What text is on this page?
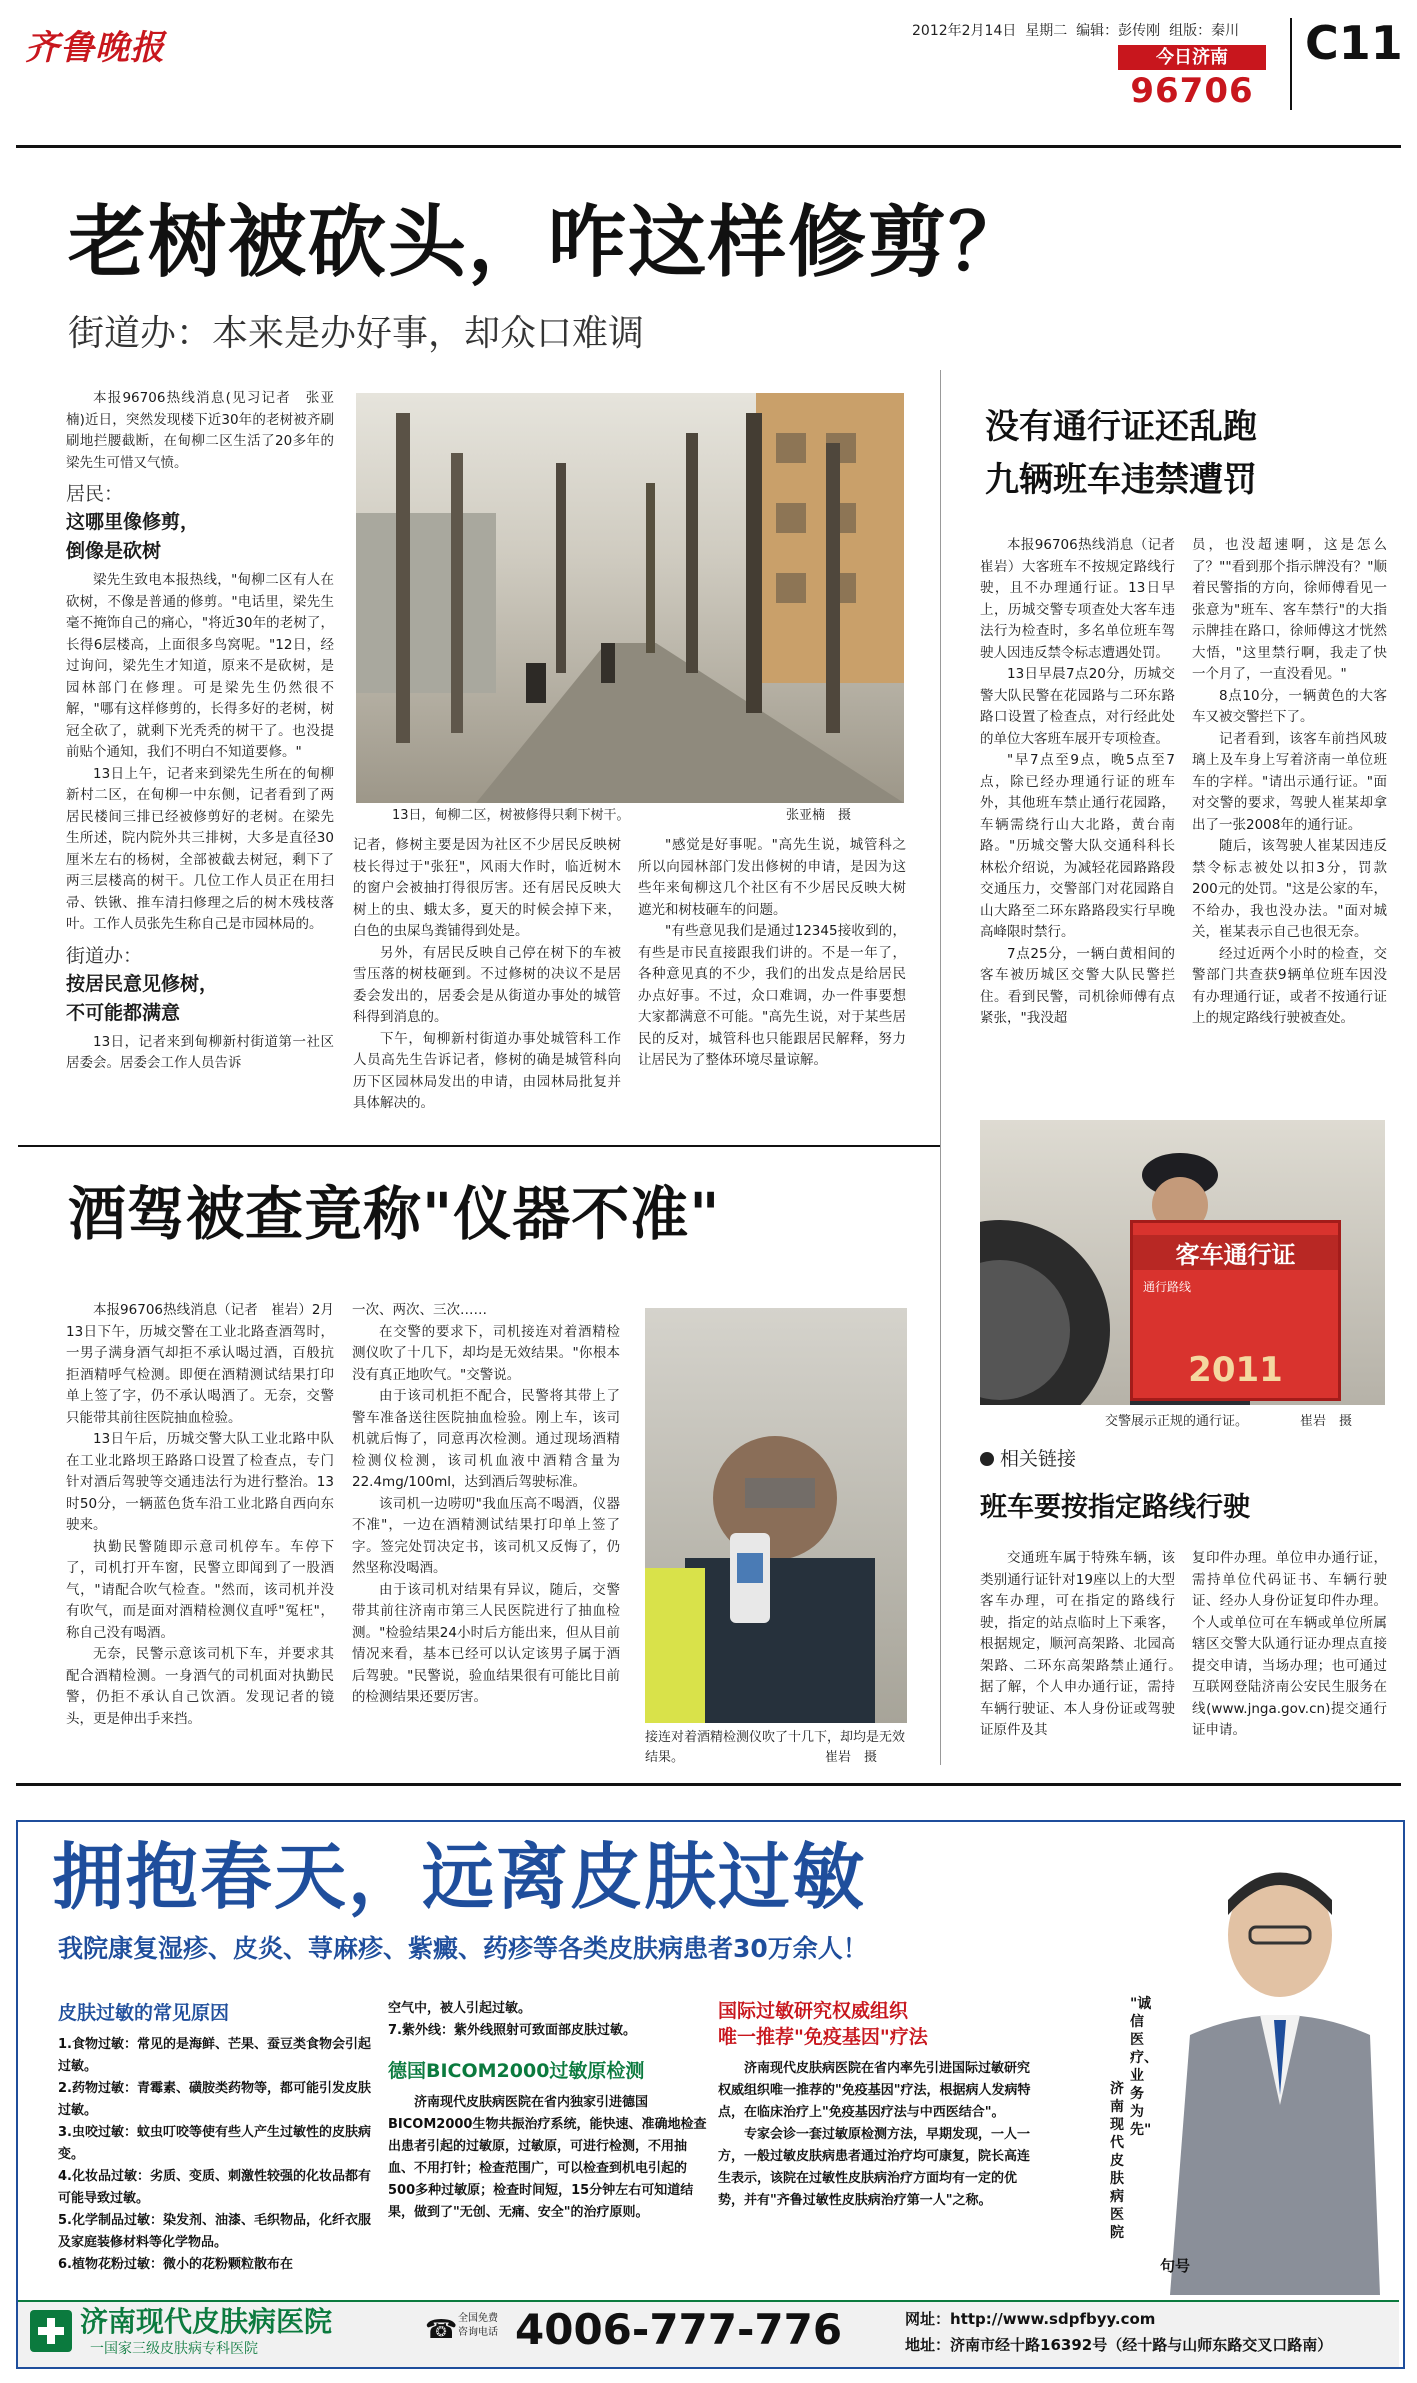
齐鲁晚报	2012年2月14日 星期二 编辑：彭传刚 组版：秦川
今日济南
96706
C11
老树被砍头，咋这样修剪？
街道办：本来是办好事，却众口难调

本报96706热线消息(见习记者　张亚楠)近日，突然发现楼下近30年的老树被齐刷刷地拦腰截断，在甸柳二区生活了20多年的梁先生可惜又气愤。

居民：
这哪里像修剪，
倒像是砍树

梁先生致电本报热线，"甸柳二区有人在砍树，不像是普通的修剪。"电话里，梁先生毫不掩饰自己的痛心，"将近30年的老树了，长得6层楼高，上面很多鸟窝呢。"12日，经过询问，梁先生才知道，原来不是砍树，是园林部门在修理。可是梁先生仍然很不解，"哪有这样修剪的，长得多好的老树，树冠全砍了，就剩下光秃秃的树干了。也没提前贴个通知，我们不明白不知道要修。"

13日上午，记者来到梁先生所在的甸柳新村二区，在甸柳一中东侧，记者看到了两居民楼间三排已经被修剪好的老树。在梁先生所述，院内院外共三排树，大多是直径30厘米左右的杨树，全部被截去树冠，剩下了两三层楼高的树干。几位工作人员正在用扫帚、铁锹、推车清扫修理之后的树木残枝落叶。工作人员张先生称自己是市园林局的。

街道办：
按居民意见修树，
不可能都满意

13日，记者来到甸柳新村街道第一社区居委会。居委会工作人员告诉

13日，甸柳二区，树被修得只剩下树干。	张亚楠　摄

记者，修树主要是因为社区不少居民反映树枝长得过于"张狂"，风雨大作时，临近树木的窗户会被抽打得很厉害。还有居民反映大树上的虫、蛾太多，夏天的时候会掉下来，白色的虫屎鸟粪铺得到处是。

另外，有居民反映自己停在树下的车被雪压落的树枝砸到。不过修树的决议不是居委会发出的，居委会是从街道办事处的城管科得到消息的。

下午，甸柳新村街道办事处城管科工作人员高先生告诉记者，修树的确是城管科向历下区园林局发出的申请，由园林局批复并具体解决的。

"感觉是好事呢。"高先生说，城管科之所以向园林部门发出修树的申请，是因为这些年来甸柳这几个社区有不少居民反映大树遮光和树枝砸车的问题。

"有些意见我们是通过12345接收到的，有些是市民直接跟我们讲的。不是一年了，各种意见真的不少，我们的出发点是给居民办点好事。不过，众口难调，办一件事要想大家都满意不可能。"高先生说，对于某些居民的反对，城管科也只能跟居民解释，努力让居民为了整体环境尽量谅解。

没有通行证还乱跑
九辆班车违禁遭罚

本报96706热线消息（记者　崔岩）大客班车不按规定路线行驶，且不办理通行证。13日早上，历城交警专项查处大客车违法行为检查时，多名单位班车驾驶人因违反禁令标志遭遇处罚。

13日早晨7点20分，历城交警大队民警在花园路与二环东路路口设置了检查点，对行经此处的单位大客班车展开专项检查。

"早7点至9点，晚5点至7点，除已经办理通行证的班车外，其他班车禁止通行花园路，车辆需绕行山大北路，黄台南路。"历城交警大队交通科科长林松介绍说，为减轻花园路路段交通压力，交警部门对花园路自山大路至二环东路路段实行早晚高峰限时禁行。

7点25分，一辆白黄相间的客车被历城区交警大队民警拦住。看到民警，司机徐师傅有点紧张，"我没超

员，也没超速啊，这是怎么了？""看到那个指示牌没有？"顺着民警指的方向，徐师傅看见一张意为"班车、客车禁行"的大指示牌挂在路口，徐师傅这才恍然大悟，"这里禁行啊，我走了快一个月了，一直没看见。"

8点10分，一辆黄色的大客车又被交警拦下了。

记者看到，该客车前挡风玻璃上及车身上写着济南一单位班车的字样。"请出示通行证。"面对交警的要求，驾驶人崔某却拿出了一张2008年的通行证。

随后，该驾驶人崔某因违反禁令标志被处以扣3分，罚款200元的处罚。"这是公家的车，不给办，我也没办法。"面对城关，崔某表示自己也很无奈。

经过近两个小时的检查，交警部门共查获9辆单位班车因没有办理通行证，或者不按通行证上的规定路线行驶被查处。

客车通行证
通行路线
2011
交警展示正规的通行证。	崔岩　摄
相关链接
班车要按指定路线行驶
交通班车属于特殊车辆，该类别通行证针对19座以上的大型客车办理，可在指定的路线行驶，指定的站点临时上下乘客，根据规定，顺河高架路、北园高架路、二环东高架路禁止通行。　据了解，个人申办通行证，需持车辆行驶证、本人身份证或驾驶证原件及其
复印件办理。单位申办通行证，需持单位代码证书、车辆行驶证、经办人身份证复印件办理。个人或单位可在车辆或单位所属辖区交警大队通行证办理点直接提交申请，当场办理；也可通过互联网登陆济南公安民生服务在线(www.jnga.gov.cn)提交通行证申请。
酒驾被查竟称"仪器不准"

本报96706热线消息（记者　崔岩）2月13日下午，历城交警在工业北路查酒驾时，一男子满身酒气却拒不承认喝过酒，百般抗拒酒精呼气检测。即便在酒精测试结果打印单上签了字，仍不承认喝酒了。无奈，交警只能带其前往医院抽血检验。

13日午后，历城交警大队工业北路中队在工业北路坝王路路口设置了检查点，专门针对酒后驾驶等交通违法行为进行整治。13时50分，一辆蓝色货车沿工业北路自西向东驶来。

执勤民警随即示意司机停车。车停下了，司机打开车窗，民警立即闻到了一股酒气，"请配合吹气检查。"然而，该司机并没有吹气，而是面对酒精检测仪直呼"冤枉"，称自己没有喝酒。

无奈，民警示意该司机下车，并要求其配合酒精检测。一身酒气的司机面对执勤民警，仍拒不承认自己饮酒。发现记者的镜头，更是伸出手来挡。

一次、两次、三次……

在交警的要求下，司机接连对着酒精检测仪吹了十几下，却均是无效结果。"你根本没有真正地吹气。"交警说。

由于该司机拒不配合，民警将其带上了警车准备送往医院抽血检验。刚上车，该司机就后悔了，同意再次检测。通过现场酒精检测仪检测，该司机血液中酒精含量为22.4mg/100ml，达到酒后驾驶标准。

该司机一边唠叨"我血压高不喝酒，仪器不准"，一边在酒精测试结果打印单上签了字。签完处罚决定书，该司机又反悔了，仍然坚称没喝酒。

由于该司机对结果有异议，随后，交警带其前往济南市第三人民医院进行了抽血检测。"检验结果24小时后方能出来，但从目前情况来看，基本已经可以认定该男子属于酒后驾驶。"民警说，验血结果很有可能比目前的检测结果还要厉害。

接连对着酒精检测仪吹了十几下，却均是无效结果。	崔岩　摄
拥抱春天，远离皮肤过敏
我院康复湿疹、皮炎、荨麻疹、紫癜、药疹等各类皮肤病患者30万余人！
皮肤过敏的常见原因
1.食物过敏：常见的是海鲜、芒果、蚕豆类食物会引起过敏。
2.药物过敏：青霉素、磺胺类药物等，都可能引发皮肤过敏。
3.虫咬过敏：蚊虫叮咬等使有些人产生过敏性的皮肤病变。
4.化妆品过敏：劣质、变质、刺激性较强的化妆品都有可能导致过敏。
5.化学制品过敏：染发剂、油漆、毛织物品，化纤衣服及家庭装修材料等化学物品。
6.植物花粉过敏：微小的花粉颗粒散布在
空气中，被人引起过敏。
7.紫外线：紫外线照射可致面部皮肤过敏。
德国BICOM2000过敏原检测
济南现代皮肤病医院在省内独家引进德国BICOM2000生物共振治疗系统，能快速、准确地检查出患者引起的过敏原，过敏原，可进行检测，不用抽血、不用打针；检查范围广，可以检查到机电引起的500多种过敏原；检查时间短，15分钟左右可知道结果，做到了"无创、无痛、安全"的治疗原则。
国际过敏研究权威组织
唯一推荐"免疫基因"疗法
济南现代皮肤病医院在省内率先引进国际过敏研究权威组织唯一推荐的"免疫基因"疗法，根据病人发病特点，在临床治疗上"免疫基因疗法与中西医结合"。
专家会诊一套过敏原检测方法，早期发现，一人一方，一般过敏皮肤病患者通过治疗均可康复，院长高连生表示，该院在过敏性皮肤病治疗方面均有一定的优势，并有"齐鲁过敏性皮肤病治疗第一人"之称。
"诚信医疗、业务为先"
济南现代皮肤病医院
句号
济南现代皮肤病医院
一国家三级皮肤病专科医院
☎ 全国免费
咨询电话 4006-777-776	网址：http://www.sdpfbyy.com
地址：济南市经十路16392号（经十路与山师东路交叉口路南）
